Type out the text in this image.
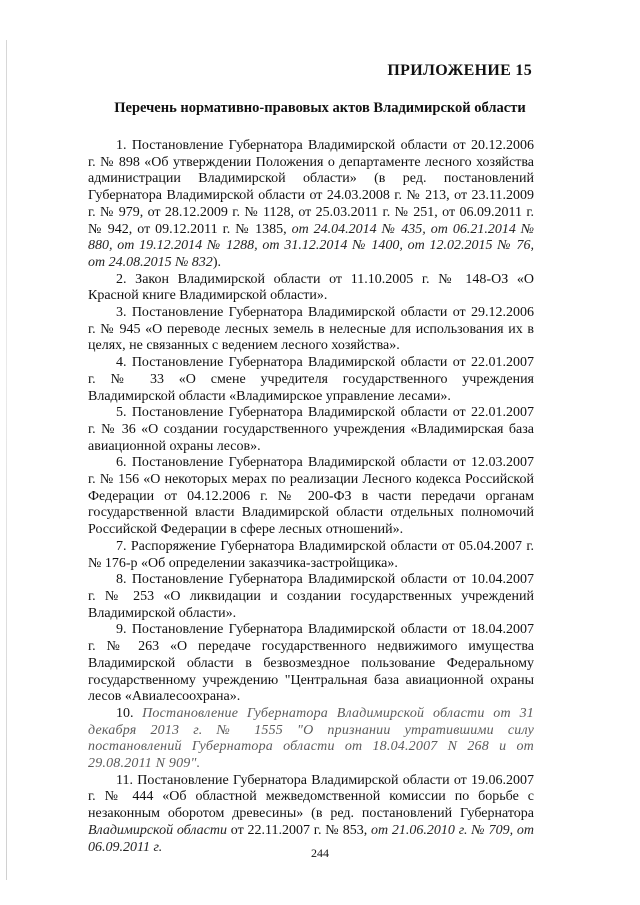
ПРИЛОЖЕНИЕ 15
Перечень нормативно-правовых актов Владимирской области

1. Постановление Губернатора Владимирской области от 20.12.2006 г. № 898 «Об утверждении Положения о департаменте лесного хозяйства администрации Владимирской области» (в ред. постановлений Губернатора Владимирской области от 24.03.2008 г. № 213, от 23.11.2009 г. № 979, от 28.12.2009 г. № 1128, от 25.03.2011 г. № 251, от 06.09.2011 г. № 942, от 09.12.2011 г. № 1385, от 24.04.2014 № 435, от 06.21.2014 № 880, от 19.12.2014 № 1288, от 31.12.2014 № 1400, от 12.02.2015 № 76, от 24.08.2015 № 832).

2. Закон Владимирской области от 11.10.2005 г. № 148-ОЗ «О Красной книге Владимирской области».

3. Постановление Губернатора Владимирской области от 29.12.2006 г. № 945 «О переводе лесных земель в нелесные для использования их в целях, не связанных с ведением лесного хозяйства».

4. Постановление Губернатора Владимирской области от 22.01.2007 г. № 33 «О смене учредителя государственного учреждения Владимирской области «Владимирское управление лесами».

5. Постановление Губернатора Владимирской области от 22.01.2007 г. № 36 «О создании государственного учреждения «Владимирская база авиационной охраны лесов».

6. Постановление Губернатора Владимирской области от 12.03.2007 г. № 156 «О некоторых мерах по реализации Лесного кодекса Российской Федерации от 04.12.2006 г. № 200-ФЗ в части передачи органам государственной власти Владимирской области отдельных полномочий Российской Федерации в сфере лесных отношений».

7. Распоряжение Губернатора Владимирской области от 05.04.2007 г. № 176-р «Об определении заказчика-застройщика».

8. Постановление Губернатора Владимирской области от 10.04.2007 г. № 253 «О ликвидации и создании государственных учреждений Владимирской области».

9. Постановление Губернатора Владимирской области от 18.04.2007 г. № 263 «О передаче государственного недвижимого имущества Владимирской области в безвозмездное пользование Федеральному государственному учреждению "Центральная база авиационной охраны лесов «Авиалесоохрана».

10. Постановление Губернатора Владимирской области от 31 декабря 2013 г. № 1555 "О признании утратившими силу постановлений Губернатора области от 18.04.2007 N 268 и от 29.08.2011 N 909".

11. Постановление Губернатора Владимирской области от 19.06.2007 г. № 444 «Об областной межведомственной комиссии по борьбе с незаконным оборотом древесины» (в ред. постановлений Губернатора Владимирской области от 22.11.2007 г. № 853, от 21.06.2010 г. № 709, от 06.09.2011 г.	244
